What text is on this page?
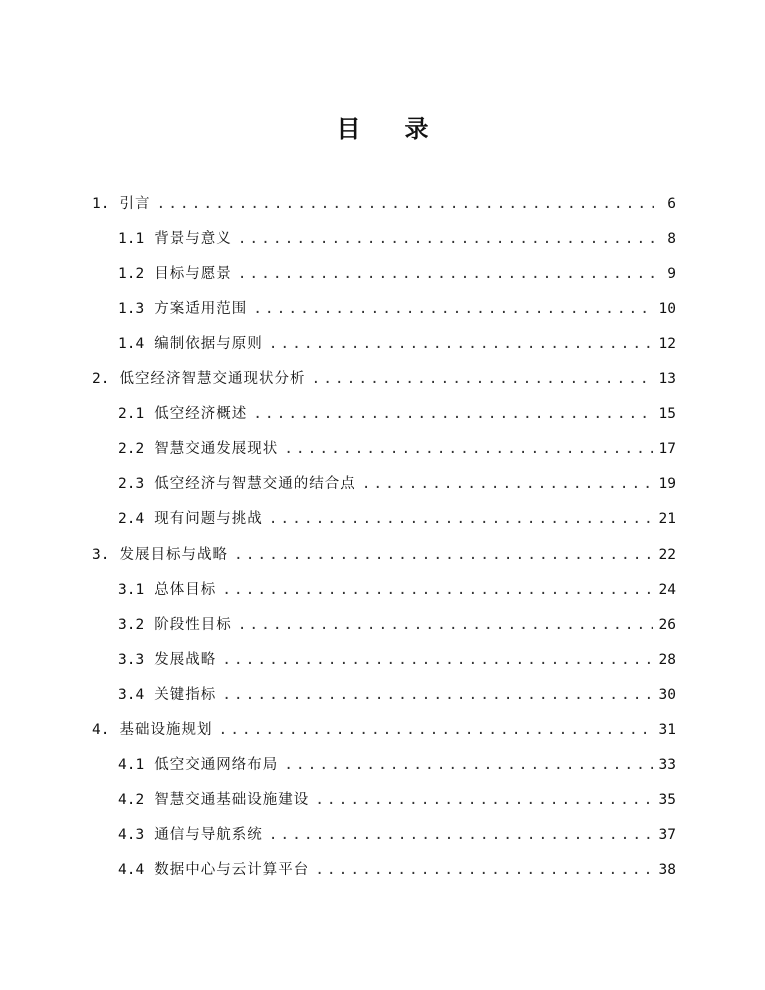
目 录
1. 引言 .....	6
1.1 背景与意义 .....	8
1.2 目标与愿景 .....	9
1.3 方案适用范围 .....	10
1.4 编制依据与原则 .....	12
2. 低空经济智慧交通现状分析 .....	13
2.1 低空经济概述 .....	15
2.2 智慧交通发展现状 .....	17
2.3 低空经济与智慧交通的结合点 .....	19
2.4 现有问题与挑战 .....	21
3. 发展目标与战略 .....	22
3.1 总体目标 .....	24
3.2 阶段性目标 .....	26
3.3 发展战略 .....	28
3.4 关键指标 .....	30
4. 基础设施规划 .....	31
4.1 低空交通网络布局 .....	33
4.2 智慧交通基础设施建设 .....	35
4.3 通信与导航系统 .....	37
4.4 数据中心与云计算平台 .....	38
